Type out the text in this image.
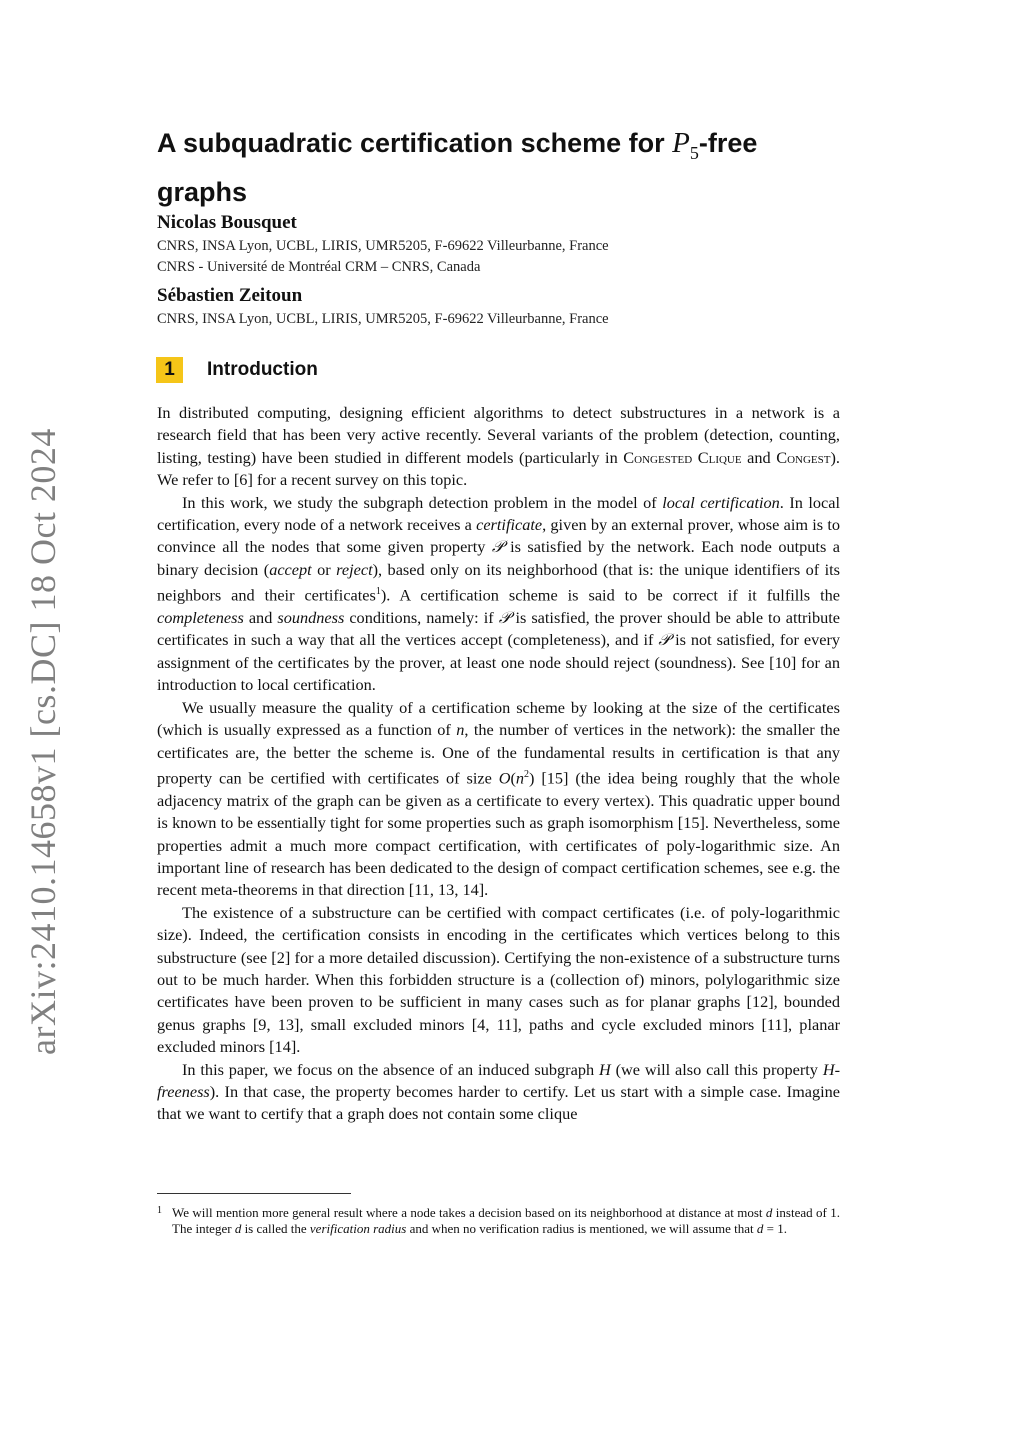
arXiv:2410.14658v1 [cs.DC] 18 Oct 2024
A subquadratic certification scheme for $P_5$-free
graphs
Nicolas Bousquet
CNRS, INSA Lyon, UCBL, LIRIS, UMR5205, F-69622 Villeurbanne, France
CNRS - Université de Montréal CRM – CNRS, Canada
Sébastien Zeitoun
CNRS, INSA Lyon, UCBL, LIRIS, UMR5205, F-69622 Villeurbanne, France
1	Introduction

In distributed computing, designing efficient algorithms to detect substructures in a network is a research field that has been very active recently. Several variants of the problem (detection, counting, listing, testing) have been studied in different models (particularly in Congested Clique and Congest). We refer to [6] for a recent survey on this topic.

In this work, we study the subgraph detection problem in the model of local certification. In local certification, every node of a network receives a certificate, given by an external prover, whose aim is to convince all the nodes that some given property 𝒫 is satisfied by the network. Each node outputs a binary decision (accept or reject), based only on its neighborhood (that is: the unique identifiers of its neighbors and their certificates$^1$). A certification scheme is said to be correct if it fulfills the completeness and soundness conditions, namely: if 𝒫 is satisfied, the prover should be able to attribute certificates in such a way that all the vertices accept (completeness), and if 𝒫 is not satisfied, for every assignment of the certificates by the prover, at least one node should reject (soundness). See [10] for an introduction to local certification.

We usually measure the quality of a certification scheme by looking at the size of the certificates (which is usually expressed as a function of n, the number of vertices in the network): the smaller the certificates are, the better the scheme is. One of the fundamental results in certification is that any property can be certified with certificates of size $O(n^2)$ [15] (the idea being roughly that the whole adjacency matrix of the graph can be given as a certificate to every vertex). This quadratic upper bound is known to be essentially tight for some properties such as graph isomorphism [15]. Nevertheless, some properties admit a much more compact certification, with certificates of poly-logarithmic size. An important line of research has been dedicated to the design of compact certification schemes, see e.g. the recent meta-theorems in that direction [11, 13, 14].

The existence of a substructure can be certified with compact certificates (i.e. of poly-logarithmic size). Indeed, the certification consists in encoding in the certificates which vertices belong to this substructure (see [2] for a more detailed discussion). Certifying the non-existence of a substructure turns out to be much harder. When this forbidden structure is a (collection of) minors, polylogarithmic size certificates have been proven to be sufficient in many cases such as for planar graphs [12], bounded genus graphs [9, 13], small excluded minors [4, 11], paths and cycle excluded minors [11], planar excluded minors [14].

In this paper, we focus on the absence of an induced subgraph H (we will also call this property H-freeness). In that case, the property becomes harder to certify. Let us start with a simple case. Imagine that we want to certify that a graph does not contain some clique

1 We will mention more general result where a node takes a decision based on its neighborhood at distance at most d instead of 1. The integer d is called the verification radius and when no verification radius is mentioned, we will assume that d = 1.
